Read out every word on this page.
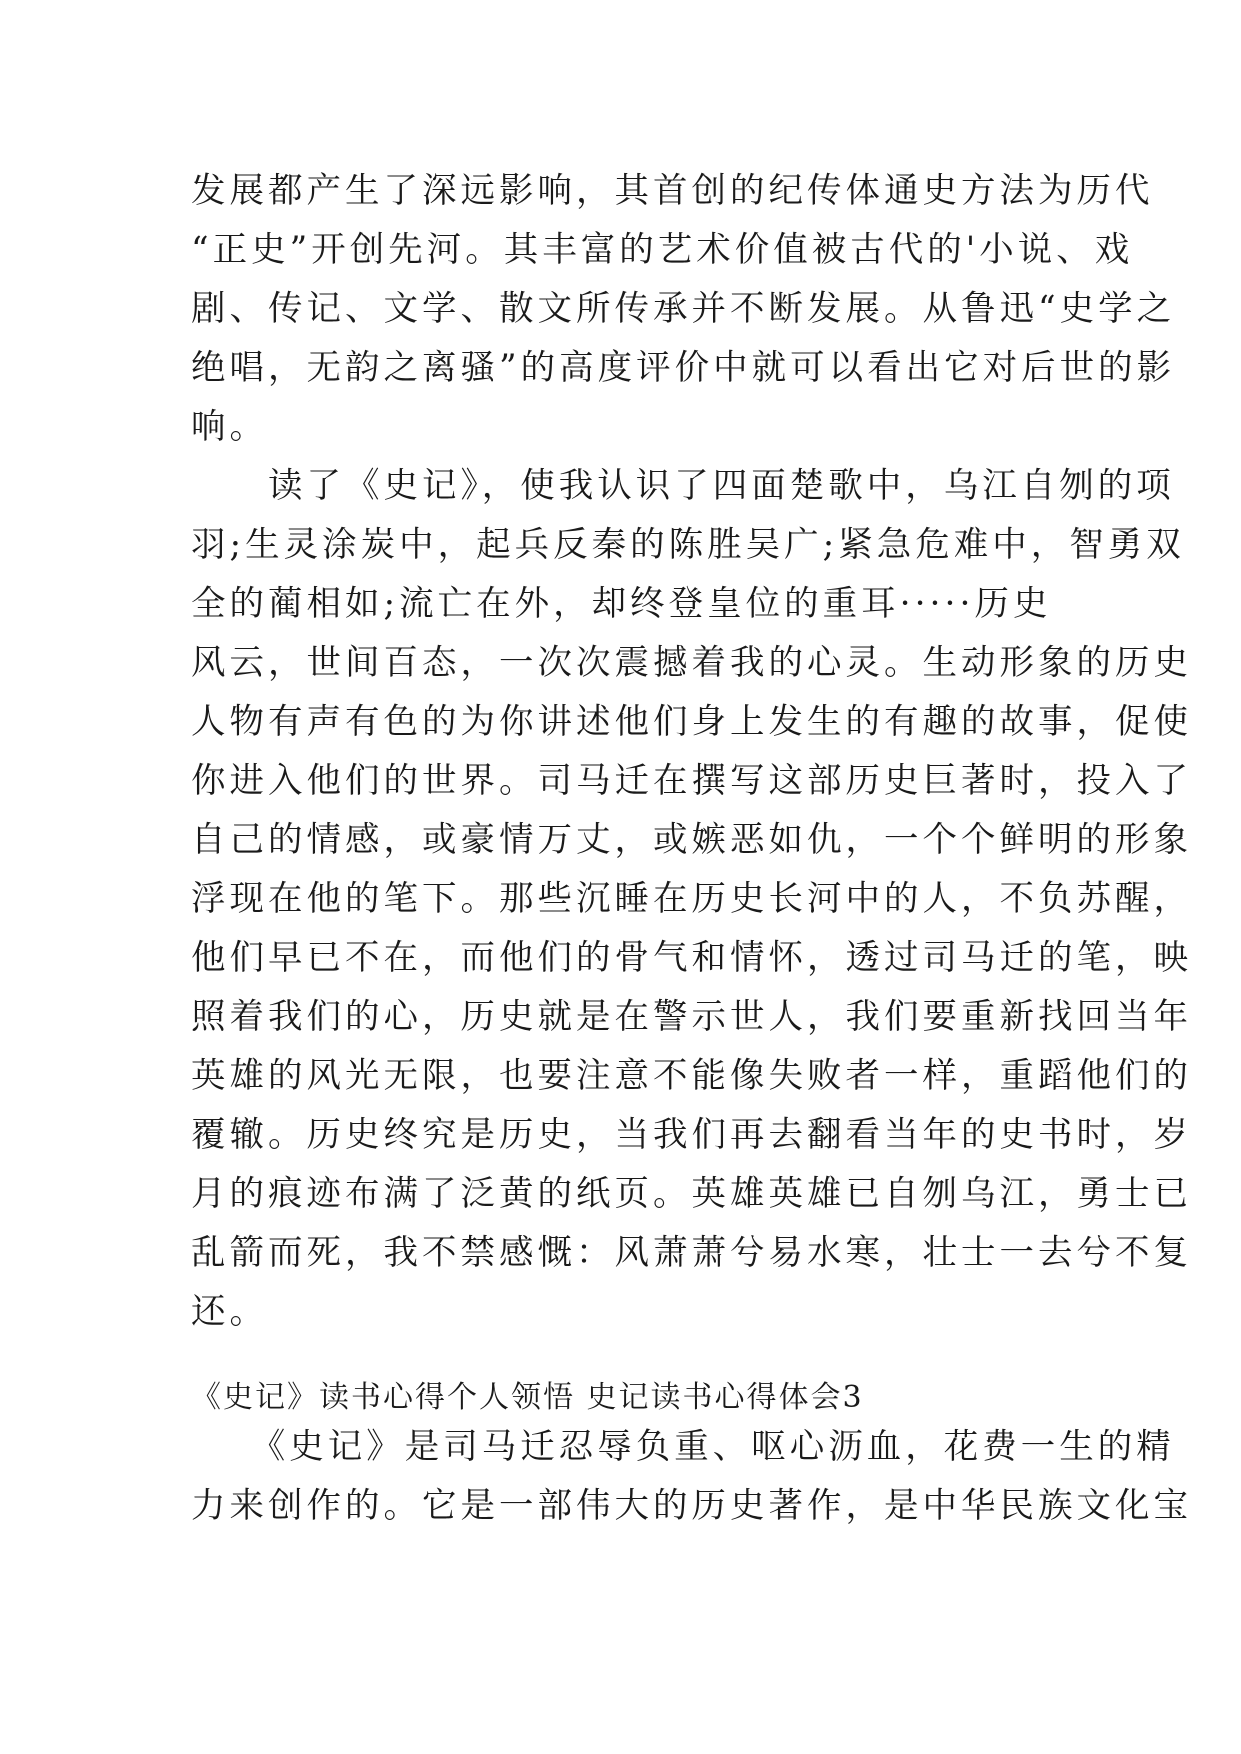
发展都产生了深远影响，其首创的纪传体通史方法为历代
“正史”开创先河。其丰富的艺术价值被古代的'小说、戏
剧、传记、文学、散文所传承并不断发展。从鲁迅“史学之
绝唱，无韵之离骚”的高度评价中就可以看出它对后世的影
响。
　　读了《史记》，使我认识了四面楚歌中，乌江自刎的项
羽;生灵涂炭中，起兵反秦的陈胜吴广;紧急危难中，智勇双
全的蔺相如;流亡在外，却终登皇位的重耳·····历史
风云，世间百态，一次次震撼着我的心灵。生动形象的历史
人物有声有色的为你讲述他们身上发生的有趣的故事，促使
你进入他们的世界。司马迁在撰写这部历史巨著时，投入了
自己的情感，或豪情万丈，或嫉恶如仇，一个个鲜明的形象
浮现在他的笔下。那些沉睡在历史长河中的人，不负苏醒，
他们早已不在，而他们的骨气和情怀，透过司马迁的笔，映
照着我们的心，历史就是在警示世人，我们要重新找回当年
英雄的风光无限，也要注意不能像失败者一样，重蹈他们的
覆辙。历史终究是历史，当我们再去翻看当年的史书时，岁
月的痕迹布满了泛黄的纸页。英雄英雄已自刎乌江，勇士已
乱箭而死，我不禁感慨：风萧萧兮易水寒，壮士一去兮不复
还。
《史记》读书心得个人领悟 史记读书心得体会3
　　《史记》是司马迁忍辱负重、呕心沥血，花费一生的精
力来创作的。它是一部伟大的历史著作，是中华民族文化宝
